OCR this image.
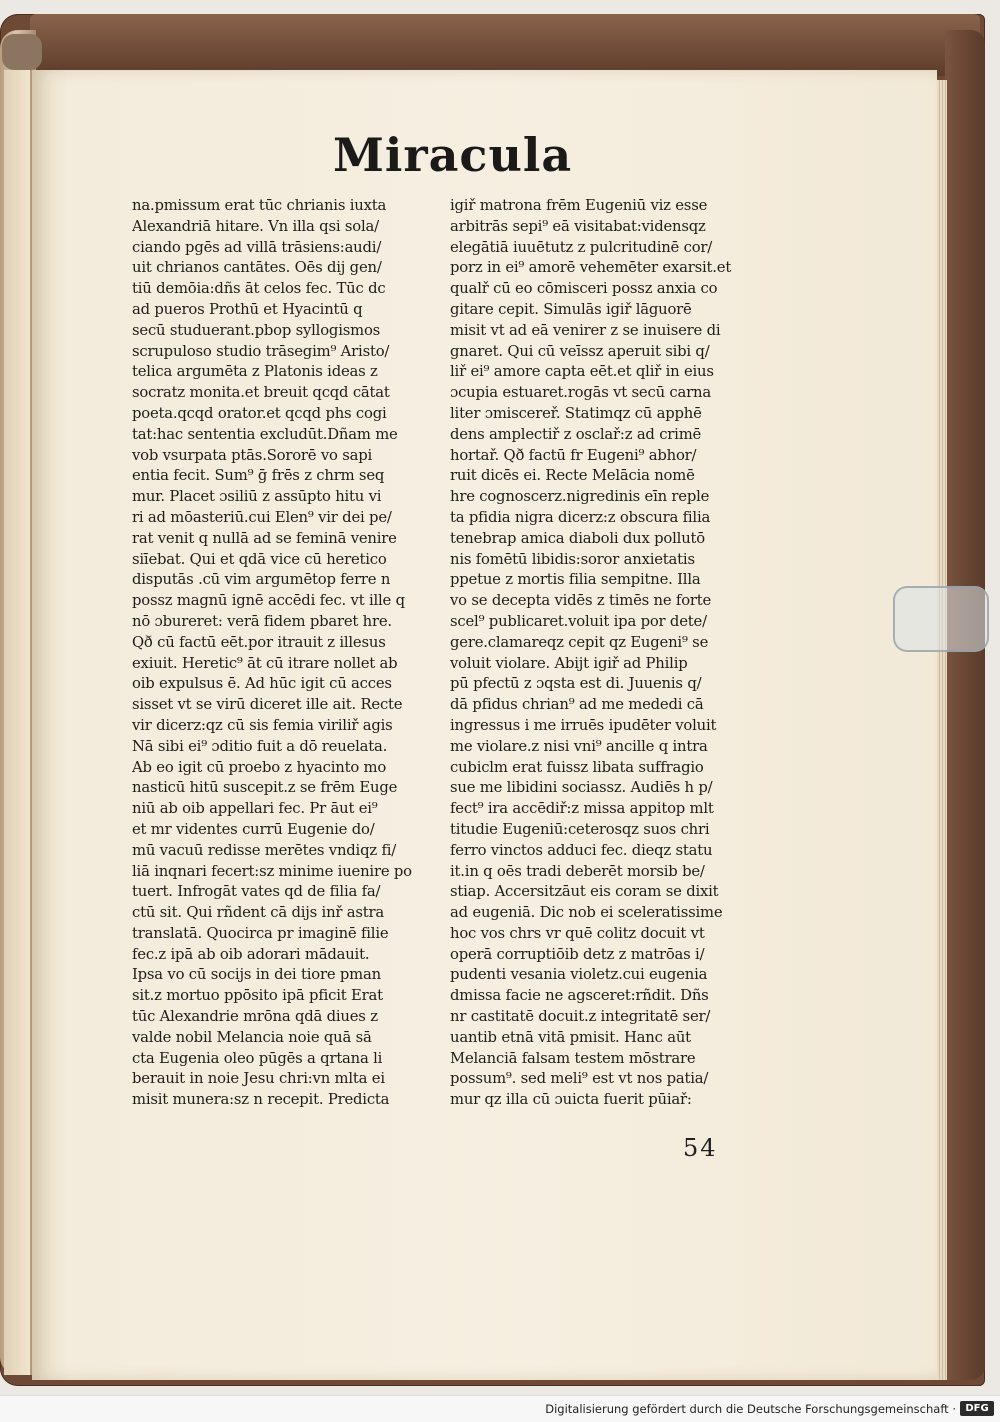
Miracula
na.pmissum erat tūc chrianis iuxta
Alexandriā hitare. Vn illa qsi sola/
ciando pgēs ad villā trāsiens:audi/
uit chrianos cantātes. Oēs dij gen/
tiū demōia:dñs āt celos fec. Tūc dc
ad pueros Prothū et Hyacintū q
secū studuerant.pbop syllogismos
scrupuloso studio trāsegim⁹ Aristo/
telica argumēta z Platonis ideas z
socratz monita.et breuit qcqd cātat
poeta.qcqd orator.et qcqd phs cogi
tat:hac sententia excludūt.Dñam me
vob vsurpata ptās.Sororē vo sapi
entia fecit. Sum⁹ ḡ frēs z chrm seq
mur. Placet ɔsiliū z assūpto hitu vi
ri ad mōasteriū.cui Elen⁹ vir dei pe/
rat venit q nullā ad se feminā venire
siīebat. Qui et qdā vice cū heretico
disputās .cū vim argumētop ferre n
possz magnū ignē accēdi fec. vt ille q
nō ɔbureret: verā fidem pbaret hre.
Qð cū factū eēt.por itrauit z illesus
exiuit. Heretic⁹ āt cū itrare nollet ab
oib expulsus ē. Ad hūc igit cū acces
sisset vt se virū diceret ille ait. Recte
vir dicerz:qz cū sis femia viriliř agis
Nā sibi ei⁹ ɔditio fuit a dō reuelata.
Ab eo igit cū proebo z hyacinto mo
nasticū hitū suscepit.z se frēm Euge
niū ab oib appellari fec. Pr āut ei⁹
et mr videntes currū Eugenie do/
mū vacuū redisse merētes vndiqz fi/
liā inqnari fecert:sz minime iuenire po
tuert. Infrogāt vates qd de filia fa/
ctū sit. Qui rñdent cā dijs inř astra
translatā. Quocirca pr imaginē filie
fec.z ipā ab oib adorari mādauit.
Ipsa vo cū socijs in dei tiore pman
sit.z mortuo ppōsito ipā pficit Erat
tūc Alexandrie mrōna qdā diues z
valde nobil Melancia noie quā sā
cta Eugenia oleo pūgēs a qrtana li
berauit in noie Jesu chri:vn mlta ei
misit munera:sz n recepit. Predicta
igiř matrona frēm Eugeniū viz esse
arbitrās sepi⁹ eā visitabat:vidensqz
elegātiā iuuētutz z pulcritudinē cor/
porz in ei⁹ amorē vehemēter exarsit.et
qualř cū eo cōmisceri possz anxia co
gitare cepit. Simulās igiř lāguorē
misit vt ad eā venirer z se inuisere di
gnaret. Qui cū veīssz aperuit sibi q/
liř ei⁹ amore capta eēt.et qliř in eius
ɔcupia estuaret.rogās vt secū carna
liter ɔmiscereř. Statimqz cū apphē
dens amplectiř z osclař:z ad crimē
hortař. Qð factū fr Eugeni⁹ abhor/
ruit dicēs ei. Recte Melācia nomē
hre cognoscerz.nigredinis eīn reple
ta pfidia nigra dicerz:z obscura filia
tenebrap amica diaboli dux pollutō
nis fomētū libidis:soror anxietatis
ppetue z mortis filia sempitne. Illa
vo se decepta vidēs z timēs ne forte
scel⁹ publicaret.voluit ipa por dete/
gere.clamareqz cepit qz Eugeni⁹ se
voluit violare. Abijt igiř ad Philip
pū pfectū z ɔqsta est di. Juuenis q/
dā pfidus chrian⁹ ad me mededi cā
ingressus i me irruēs ipudēter voluit
me violare.z nisi vni⁹ ancille q intra
cubiclm erat fuissz libata suffragio
sue me libidini sociassz. Audiēs h p/
fect⁹ ira accēdiř:z missa appitop mlt
titudie Eugeniū:ceterosqz suos chri
ferro vinctos adduci fec. dieqz statu
it.in q oēs tradi deberēt morsib be/
stiap. Accersitzāut eis coram se dixit
ad eugeniā. Dic nob ei sceleratissime
hoc vos chrs vr quē colitz docuit vt
operā corruptiōib detz z matrōas i/
pudenti vesania violetz.cui eugenia
dmissa facie ne agsceret:rñdit. Dñs
nr castitatē docuit.z integritatē ser/
uantib etnā vitā pmisit. Hanc aūt
Melanciā falsam testem mōstrare
possum⁹. sed meli⁹ est vt nos patia/
mur qz illa cū ɔuicta fuerit pūiař:
54
Digitalisierung gefördert durch die Deutsche Forschungsgemeinschaft · DFG
